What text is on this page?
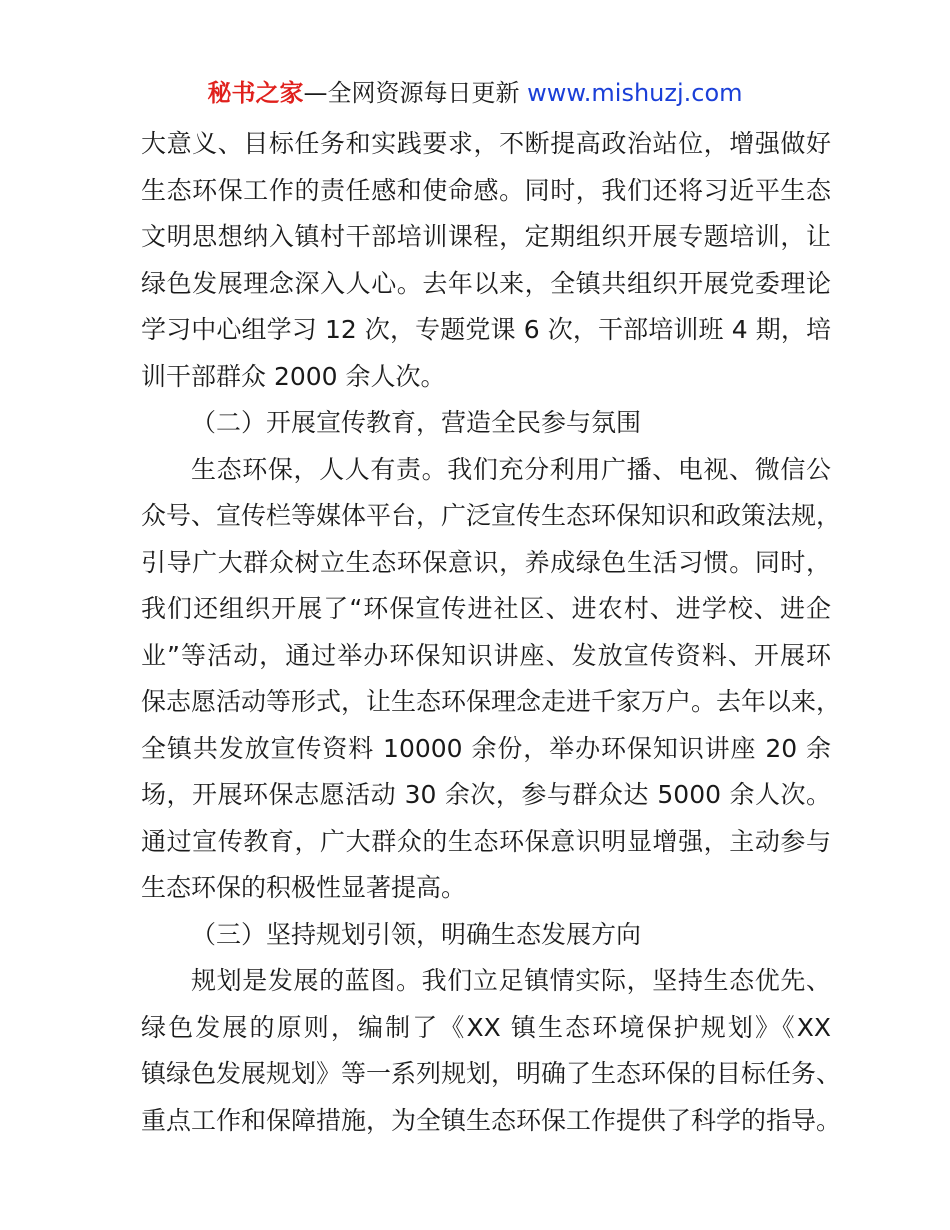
秘书之家—全网资源每日更新 www.mishuzj.com
大意义、目标任务和实践要求，不断提高政治站位，增强做好
生态环保工作的责任感和使命感。同时，我们还将习近平生态
文明思想纳入镇村干部培训课程，定期组织开展专题培训，让
绿色发展理念深入人心。去年以来，全镇共组织开展党委理论
学习中心组学习 12 次，专题党课 6 次，干部培训班 4 期，培
训干部群众 2000 余人次。
（二）开展宣传教育，营造全民参与氛围
生态环保，人人有责。我们充分利用广播、电视、微信公
众号、宣传栏等媒体平台，广泛宣传生态环保知识和政策法规，
引导广大群众树立生态环保意识，养成绿色生活习惯。同时，
我们还组织开展了“环保宣传进社区、进农村、进学校、进企
业”等活动，通过举办环保知识讲座、发放宣传资料、开展环
保志愿活动等形式，让生态环保理念走进千家万户。去年以来，
全镇共发放宣传资料 10000 余份，举办环保知识讲座 20 余
场，开展环保志愿活动 30 余次，参与群众达 5000 余人次。
通过宣传教育，广大群众的生态环保意识明显增强，主动参与
生态环保的积极性显著提高。
（三）坚持规划引领，明确生态发展方向
规划是发展的蓝图。我们立足镇情实际，坚持生态优先、
绿色发展的原则，编制了《XX 镇生态环境保护规划》《XX
镇绿色发展规划》等一系列规划，明确了生态环保的目标任务、
重点工作和保障措施，为全镇生态环保工作提供了科学的指导。
